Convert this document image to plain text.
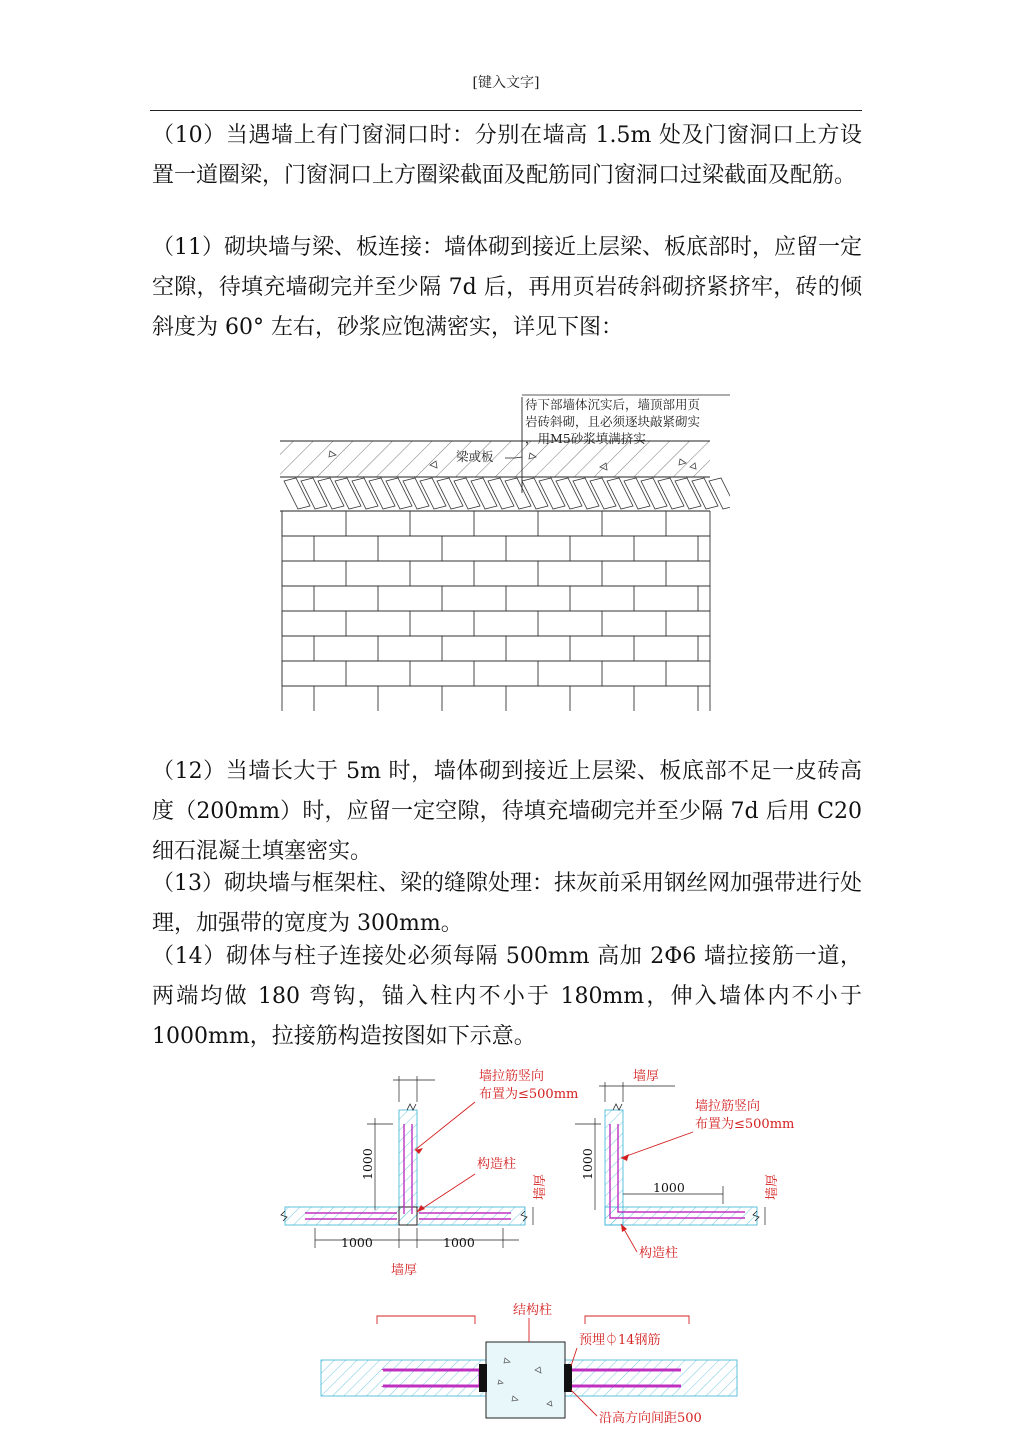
[键入文字]

（10）当遇墙上有门窗洞口时：分别在墙高 1.5m 处及门窗洞口上方设置一道圈梁，门窗洞口上方圈梁截面及配筋同门窗洞口过梁截面及配筋。

（11）砌块墙与梁、板连接：墙体砌到接近上层梁、板底部时，应留一定空隙，待填充墙砌完并至少隔 7d 后，再用页岩砖斜砌挤紧挤牢，砖的倾斜度为 60° 左右，砂浆应饱满密实，详见下图：

待下部墙体沉实后，墙顶部用页
岩砖斜砌，且必须逐块敲紧砌实
，用M5砂浆填满挤实
梁或板

（12）当墙长大于 5m 时，墙体砌到接近上层梁、板底部不足一皮砖高度（200mm）时，应留一定空隙，待填充墙砌完并至少隔 7d 后用 C20 细石混凝土填塞密实。

（13）砌块墙与框架柱、梁的缝隙处理：抹灰前采用钢丝网加强带进行处理，加强带的宽度为 300mm。

（14）砌体与柱子连接处必须每隔 500mm 高加 2Φ6 墙拉接筋一道，两端均做 180 弯钩，锚入柱内不小于 180mm，伸入墙体内不小于 1000mm，拉接筋构造按图如下示意。

1000
1000	1000
墙厚
墙厚
墙拉筋竖向
布置为≤500mm
构造柱
墙厚
墙拉筋竖向
布置为≤500mm
1000
1000	墙厚
构造柱
结构柱
预埋⏀14钢筋
沿高方向间距500
